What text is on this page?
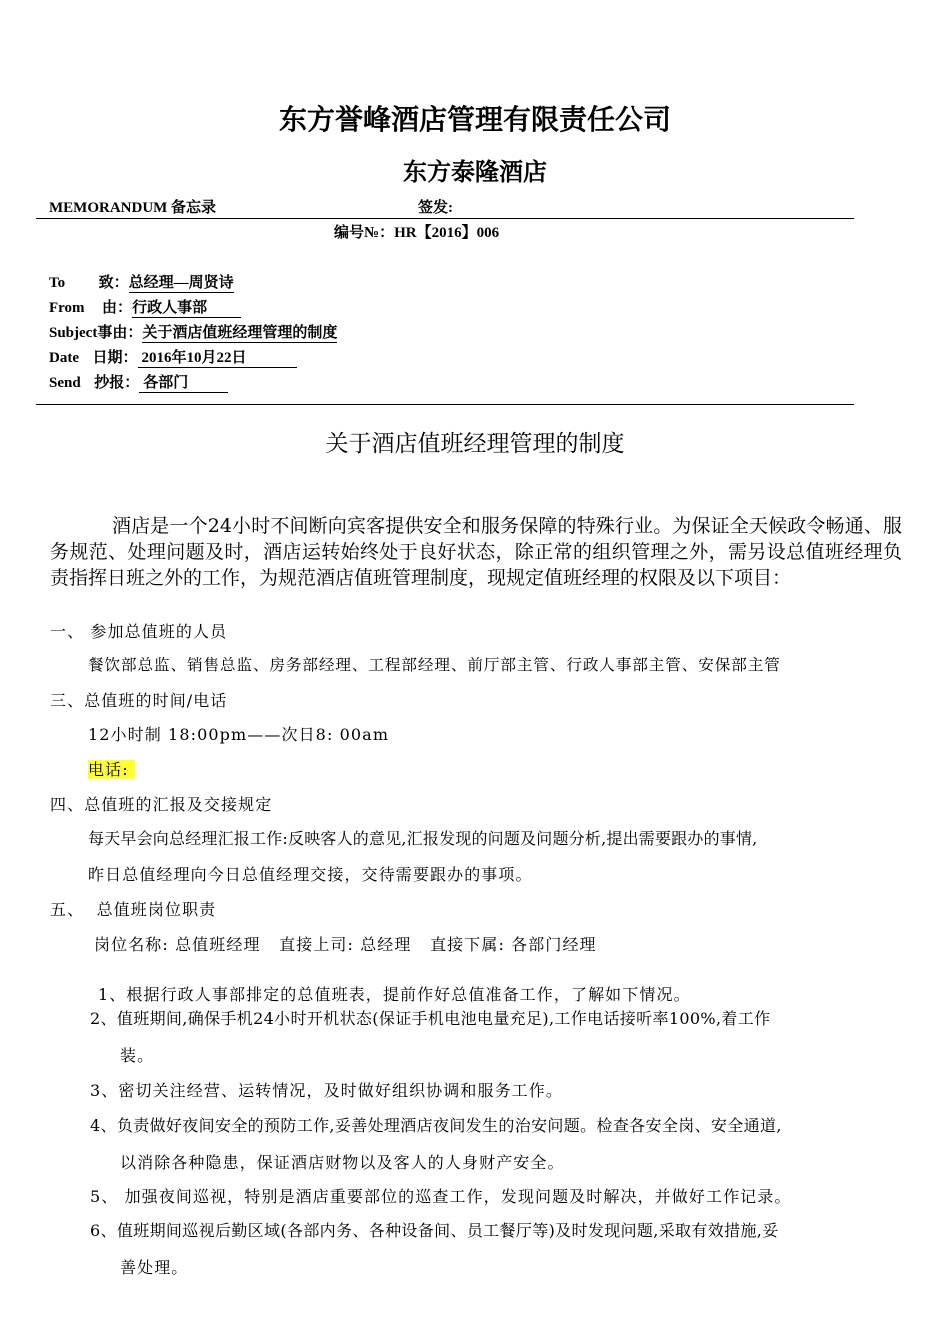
东方誉峰酒店管理有限责任公司
东方泰隆酒店
MEMORANDUM 备忘录	签发:
编号№：HR【2016】006
To 致：总经理—周贤诗
From 由：行政人事部
Subject事由：关于酒店值班经理管理的制度
Date 日期： 2016年10月22日
Send 抄报： 各部门
关于酒店值班经理管理的制度
酒店是一个24小时不间断向宾客提供安全和服务保障的特殊行业。为保证全天候政令畅通、服务规范、处理问题及时，酒店运转始终处于良好状态，除正常的组织管理之外，需另设总值班经理负责指挥日班之外的工作，为规范酒店值班管理制度，现规定值班经理的权限及以下项目：
一、 参加总值班的人员
餐饮部总监、销售总监、房务部经理、工程部经理、前厅部主管、行政人事部主管、安保部主管
三、总值班的时间/电话
12小时制 18:00pm——次日8: 00am
电话:
四、总值班的汇报及交接规定
每天早会向总经理汇报工作:反映客人的意见,汇报发现的问题及问题分析,提出需要跟办的事情,
昨日总值经理向今日总值经理交接，交待需要跟办的事项。
五、  总值班岗位职责
岗位名称: 总值班经理   直接上司: 总经理   直接下属: 各部门经理
1、根据行政人事部排定的总值班表，提前作好总值准备工作，了解如下情况。
2、值班期间,确保手机24小时开机状态(保证手机电池电量充足),工作电话接听率100%,着工作
装。
3、密切关注经营、运转情况，及时做好组织协调和服务工作。
4、负责做好夜间安全的预防工作,妥善处理酒店夜间发生的治安问题。检查各安全岗、安全通道,
以消除各种隐患，保证酒店财物以及客人的人身财产安全。
5、 加强夜间巡视，特别是酒店重要部位的巡查工作，发现问题及时解决，并做好工作记录。
6、值班期间巡视后勤区域(各部内务、各种设备间、员工餐厅等)及时发现问题,采取有效措施,妥
善处理。
